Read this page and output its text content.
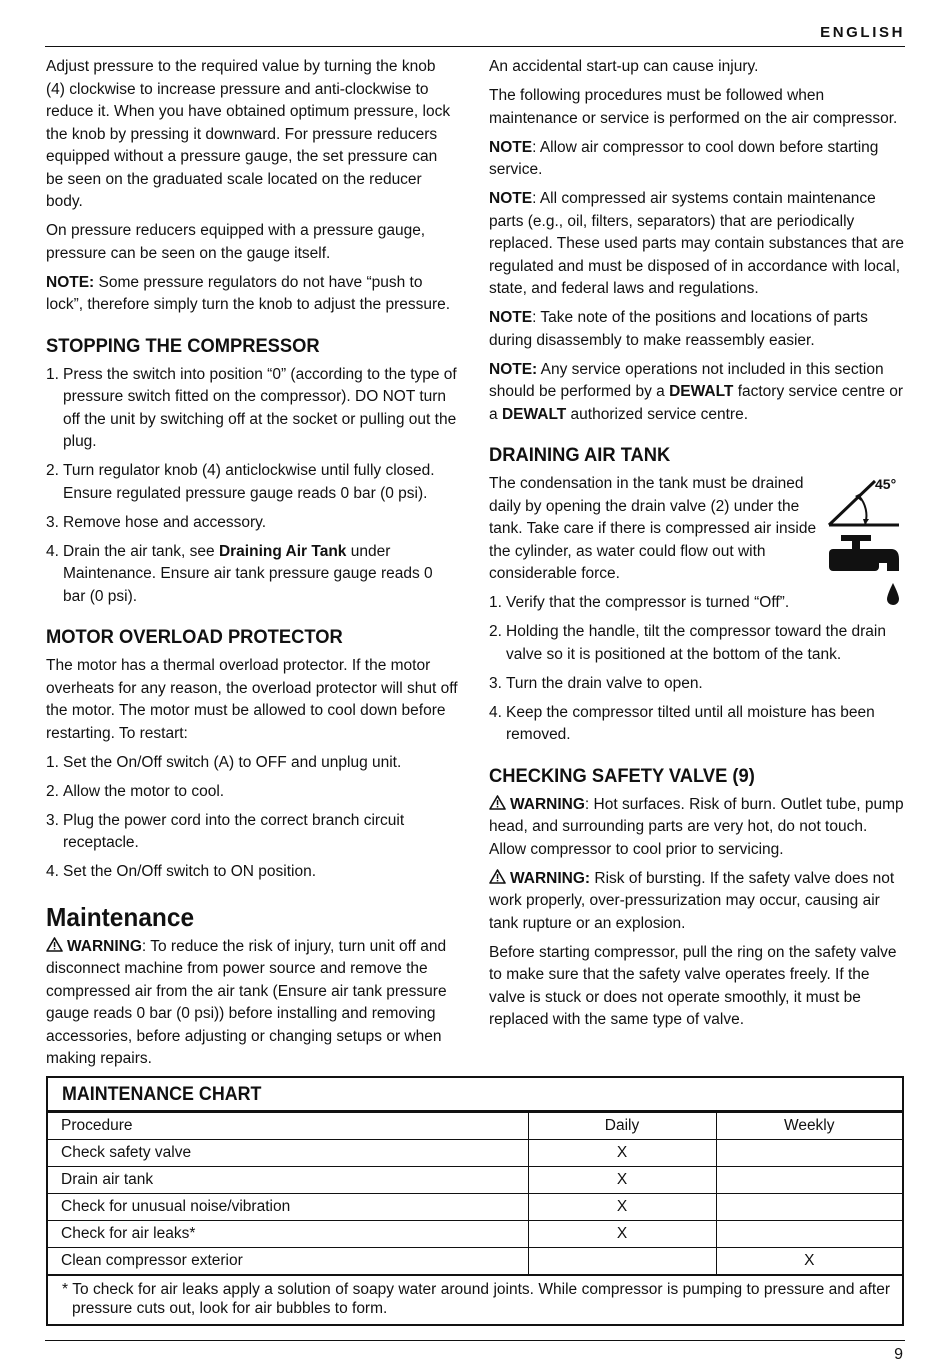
ENGLISH

Adjust pressure to the required value by turning the knob (4) clockwise to increase pressure and anti-clockwise to reduce it. When you have obtained optimum pressure, lock the knob by pressing it downward. For pressure reducers equipped without a pressure gauge, the set pressure can be seen on the graduated scale located on the reducer body.

On pressure reducers equipped with a pressure gauge, pressure can be seen on the gauge itself.

NOTE: Some pressure regulators do not have “push to lock”, therefore simply turn the knob to adjust the pressure.

STOPPING THE COMPRESSOR
1. Press the switch into position “0” (according to the type of pressure switch fitted on the compressor). DO NOT turn off the unit by switching off at the socket or pulling out the plug.
2. Turn regulator knob (4) anticlockwise until fully closed. Ensure regulated pressure gauge reads 0 bar (0 psi).
3. Remove hose and accessory.
4. Drain the air tank, see Draining Air Tank under Maintenance. Ensure air tank pressure gauge reads 0 bar (0 psi).
MOTOR OVERLOAD PROTECTOR

The motor has a thermal overload protector. If the motor overheats for any reason, the overload protector will shut off the motor. The motor must be allowed to cool down before restarting. To restart:

1. Set the On/Off switch (A) to OFF and unplug unit.
2. Allow the motor to cool.
3. Plug the power cord into the correct branch circuit receptacle.
4. Set the On/Off switch to ON position.
Maintenance

WARNING: To reduce the risk of injury, turn unit off and disconnect machine from power source and remove the compressed air from the air tank (Ensure air tank pressure gauge reads 0 bar (0 psi)) before installing and removing accessories, before adjusting or changing setups or when making repairs.

An accidental start-up can cause injury.

The following procedures must be followed when maintenance or service is performed on the air compressor.

NOTE: Allow air compressor to cool down before starting service.

NOTE: All compressed air systems contain maintenance parts (e.g., oil, filters, separators) that are periodically replaced. These used parts may contain substances that are regulated and must be disposed of in accordance with local, state, and federal laws and regulations.

NOTE: Take note of the positions and locations of parts during disassembly to make reassembly easier.

NOTE: Any service operations not included in this section should be performed by a DEWALT factory service centre or a DEWALT authorized service centre.

DRAINING AIR TANK

The condensation in the tank must be drained daily by opening the drain valve (2) under the tank. Take care if there is compressed air inside the cylinder, as water could flow out with considerable force.

45°
1. Verify that the compressor is turned “Off”.
2. Holding the handle, tilt the compressor toward the drain valve so it is positioned at the bottom of the tank.
3. Turn the drain valve to open.
4. Keep the compressor tilted until all moisture has been removed.
CHECKING SAFETY VALVE (9)

WARNING: Hot surfaces. Risk of burn. Outlet tube, pump head, and surrounding parts are very hot, do not touch. Allow compressor to cool prior to servicing.

WARNING: Risk of bursting. If the safety valve does not work properly, over-pressurization may occur, causing air tank rupture or an explosion.

Before starting compressor, pull the ring on the safety valve to make sure that the safety valve operates freely. If the valve is stuck or does not operate smoothly, it must be replaced with the same type of valve.

MAINTENANCE CHART
Procedure	Daily	Weekly
Check safety valve	X	
Drain air tank	X	
Check for unusual noise/vibration	X	
Check for air leaks*	X	
Clean compressor exterior		X
* To check for air leaks apply a solution of soapy water around joints. While compressor is pumping to pressure and after pressure cuts out, look for air bubbles to form.
9
